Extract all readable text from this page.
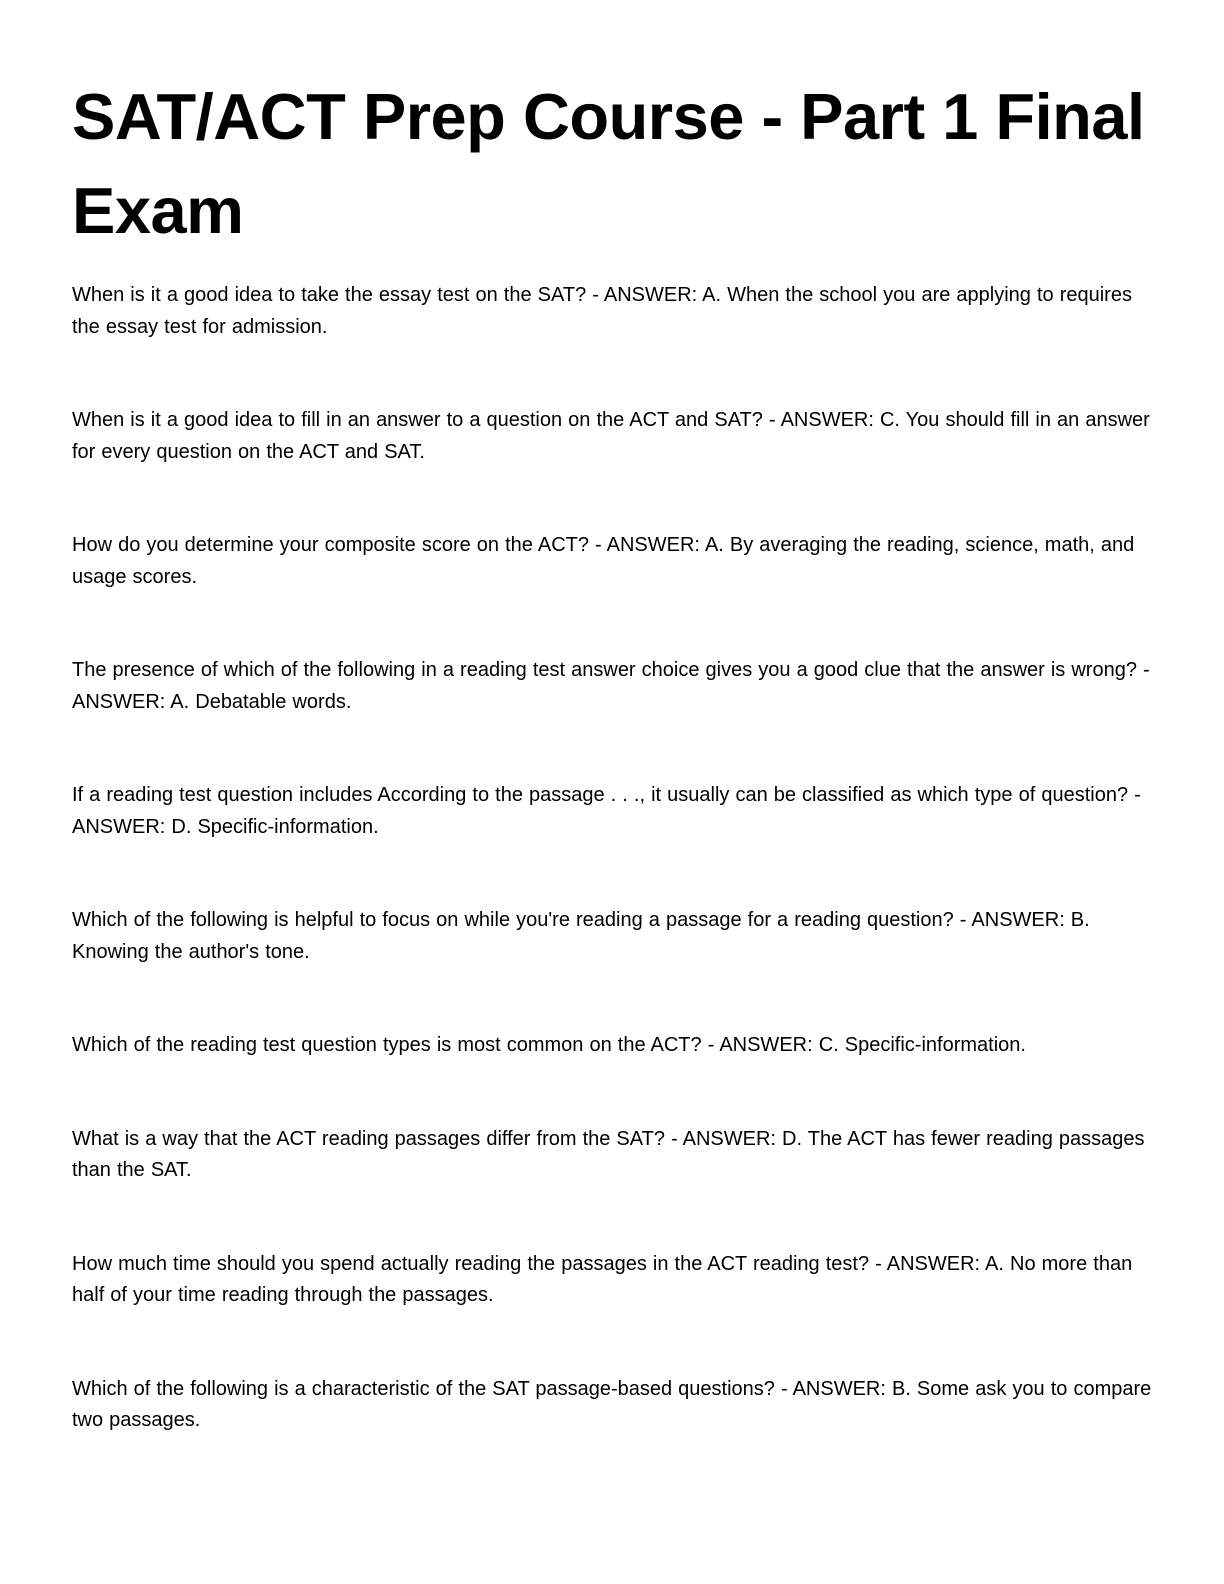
SAT/ACT Prep Course - Part 1 Final Exam

When is it a good idea to take the essay test on the SAT? - ANSWER: A. When the school you are applying to requires the essay test for admission.

When is it a good idea to fill in an answer to a question on the ACT and SAT? - ANSWER: C. You should fill in an answer for every question on the ACT and SAT.

How do you determine your composite score on the ACT? - ANSWER: A. By averaging the reading, science, math, and usage scores.

The presence of which of the following in a reading test answer choice gives you a good clue that the answer is wrong? - ANSWER: A. Debatable words.

If a reading test question includes According to the passage . . ., it usually can be classified as which type of question? - ANSWER: D. Specific-information.

Which of the following is helpful to focus on while you're reading a passage for a reading question? - ANSWER: B. Knowing the author's tone.

Which of the reading test question types is most common on the ACT? - ANSWER: C. Specific-information.

What is a way that the ACT reading passages differ from the SAT? - ANSWER: D. The ACT has fewer reading passages than the SAT.

How much time should you spend actually reading the passages in the ACT reading test? - ANSWER: A. No more than half of your time reading through the passages.

Which of the following is a characteristic of the SAT passage-based questions? - ANSWER: B. Some ask you to compare two passages.
